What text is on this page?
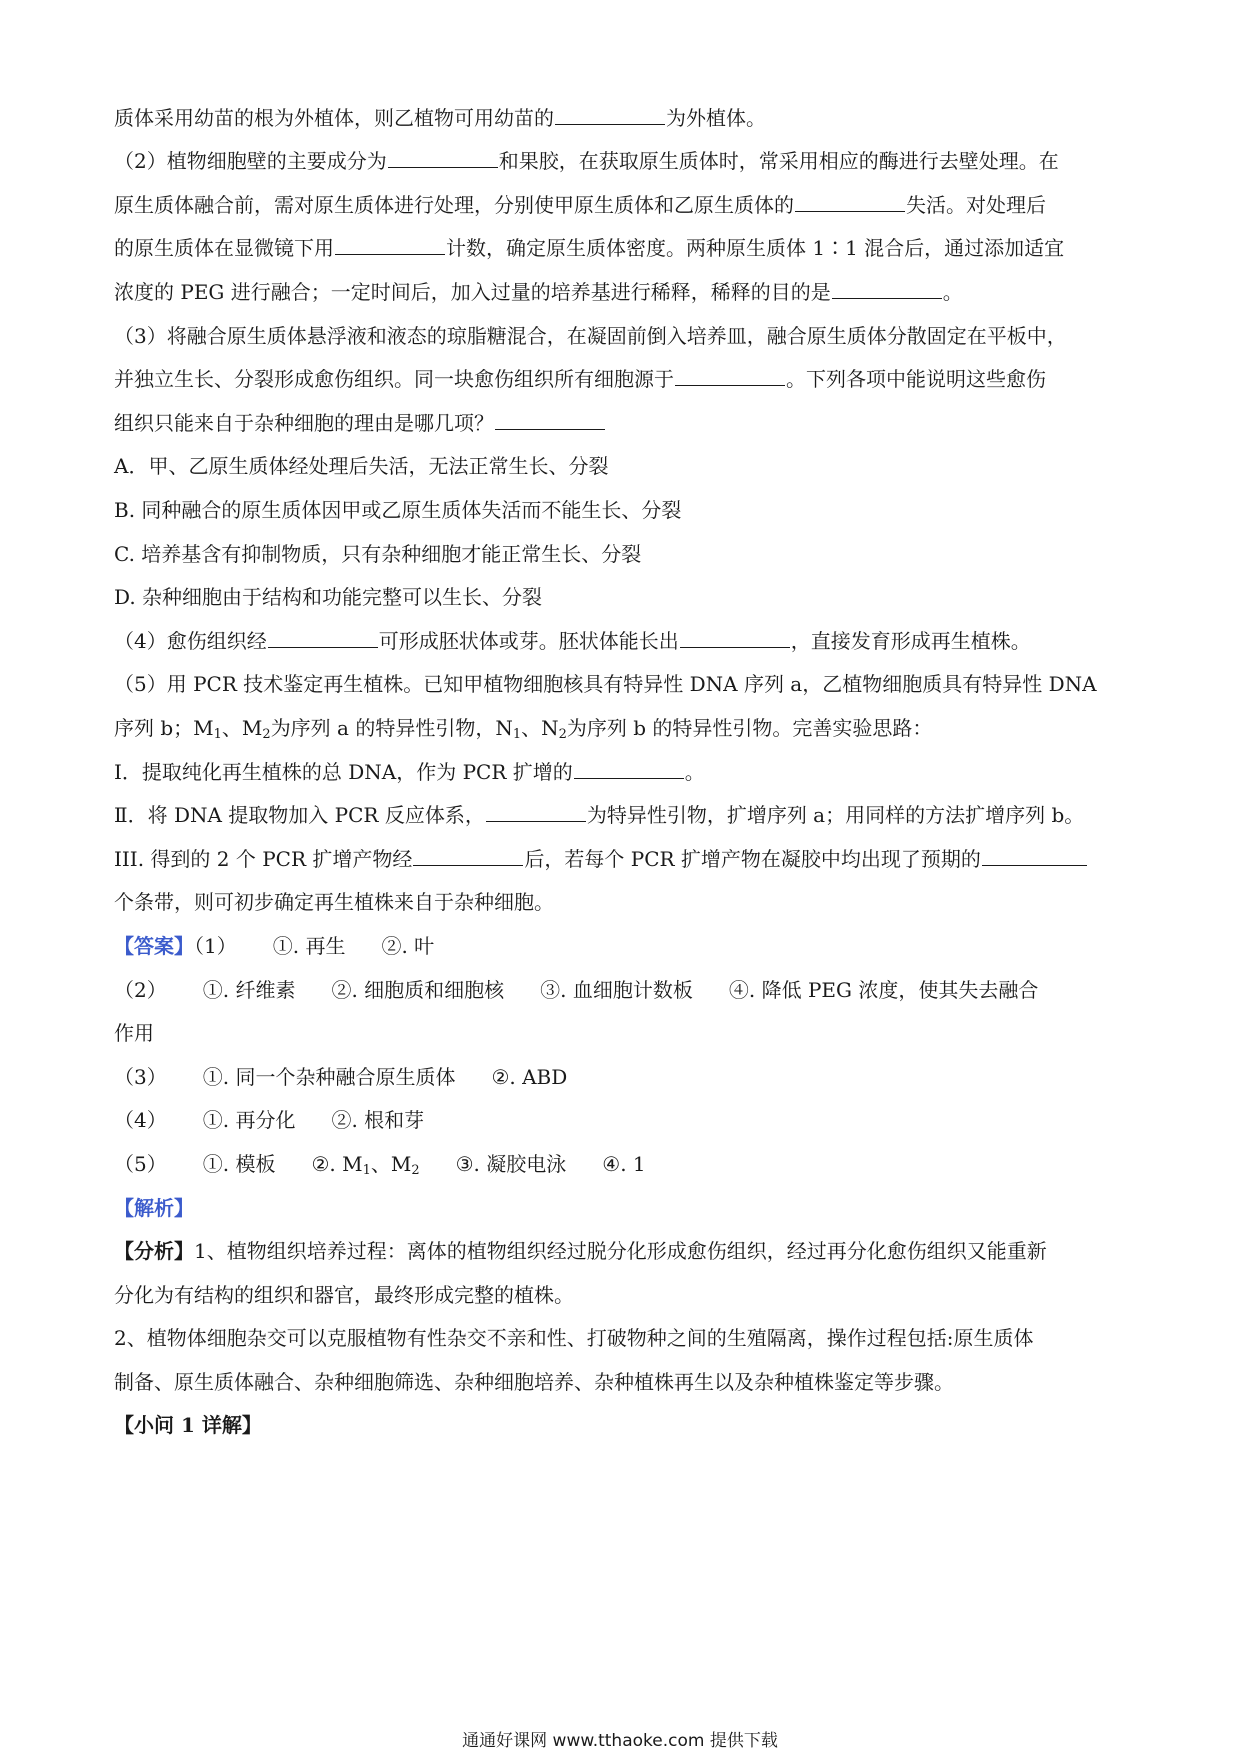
质体采用幼苗的根为外植体，则乙植物可用幼苗的	为外植体。
（2）植物细胞壁的主要成分为	和果胶，在获取原生质体时，常采用相应的酶进行去壁处理。在
原生质体融合前，需对原生质体进行处理，分别使甲原生质体和乙原生质体的	失活。对处理后
的原生质体在显微镜下用	计数，确定原生质体密度。两种原生质体 1∶1 混合后，通过添加适宜
浓度的 PEG 进行融合；一定时间后，加入过量的培养基进行稀释，稀释的目的是	。
（3）将融合原生质体悬浮液和液态的琼脂糖混合，在凝固前倒入培养皿，融合原生质体分散固定在平板中，
并独立生长、分裂形成愈伤组织。同一块愈伤组织所有细胞源于	。下列各项中能说明这些愈伤
组织只能来自于杂种细胞的理由是哪几项？
A．甲、乙原生质体经处理后失活，无法正常生长、分裂
B. 同种融合的原生质体因甲或乙原生质体失活而不能生长、分裂
C. 培养基含有抑制物质，只有杂种细胞才能正常生长、分裂
D. 杂种细胞由于结构和功能完整可以生长、分裂
（4）愈伤组织经	可形成胚状体或芽。胚状体能长出	，直接发育形成再生植株。
（5）用 PCR 技术鉴定再生植株。已知甲植物细胞核具有特异性 DNA 序列 a，乙植物细胞质具有特异性 DNA
序列 b；$M_1$、$M_2$为序列 a 的特异性引物，$N_1$、$N_2$为序列 b 的特异性引物。完善实验思路：
Ⅰ．提取纯化再生植株的总 DNA，作为 PCR 扩增的	。
Ⅱ．将 DNA 提取物加入 PCR 反应体系，	为特异性引物，扩增序列 a；用同样的方法扩增序列 b。
III. 得到的 2 个 PCR 扩增产物经	后，若每个 PCR 扩增产物在凝胶中均出现了预期的
个条带，则可初步确定再生植株来自于杂种细胞。
【答案】（1） ①. 再生 ②. 叶
（2） ①. 纤维素 ②. 细胞质和细胞核 ③. 血细胞计数板 ④. 降低 PEG 浓度，使其失去融合
作用
（3） ①. 同一个杂种融合原生质体 ②. ABD
（4） ①. 再分化 ②. 根和芽
（5） ①. 模板 ②. $M_1$、$M_2$ ③. 凝胶电泳 ④. 1
【解析】
【分析】1、植物组织培养过程：离体的植物组织经过脱分化形成愈伤组织，经过再分化愈伤组织又能重新
分化为有结构的组织和器官，最终形成完整的植株。
2、植物体细胞杂交可以克服植物有性杂交不亲和性、打破物种之间的生殖隔离，操作过程包括:原生质体
制备、原生质体融合、杂种细胞筛选、杂种细胞培养、杂种植株再生以及杂种植株鉴定等步骤。
【小问 1 详解】
通通好课网 www.tthaoke.com 提供下载
